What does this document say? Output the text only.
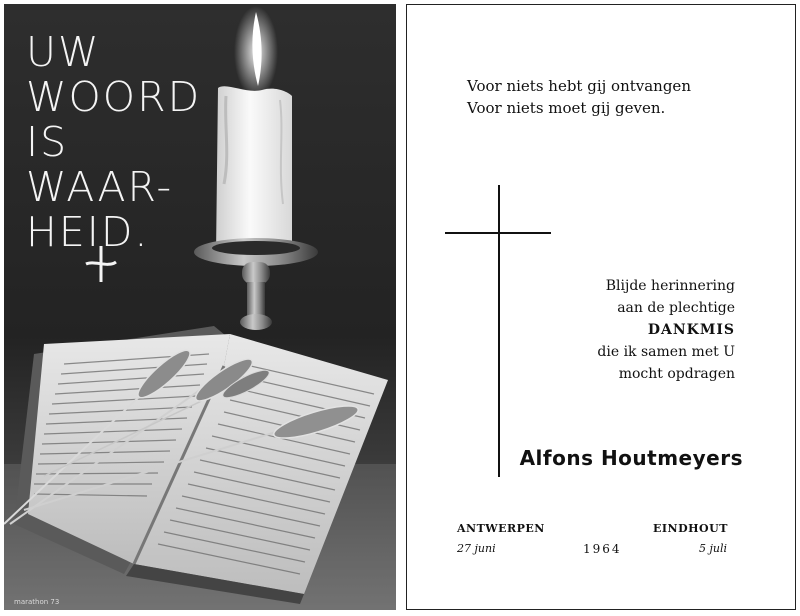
UW
WOORD
IS
WAAR-
HEID.
marathon 73
Voor niets hebt gij ontvangen
Voor niets moet gij geven.
Blijde herinnering
aan de plechtige
DANKMIS
die ik samen met U
mocht opdragen
Alfons Houtmeyers
ANTWERPEN
27 juni	1964
EINDHOUT
5 juli
